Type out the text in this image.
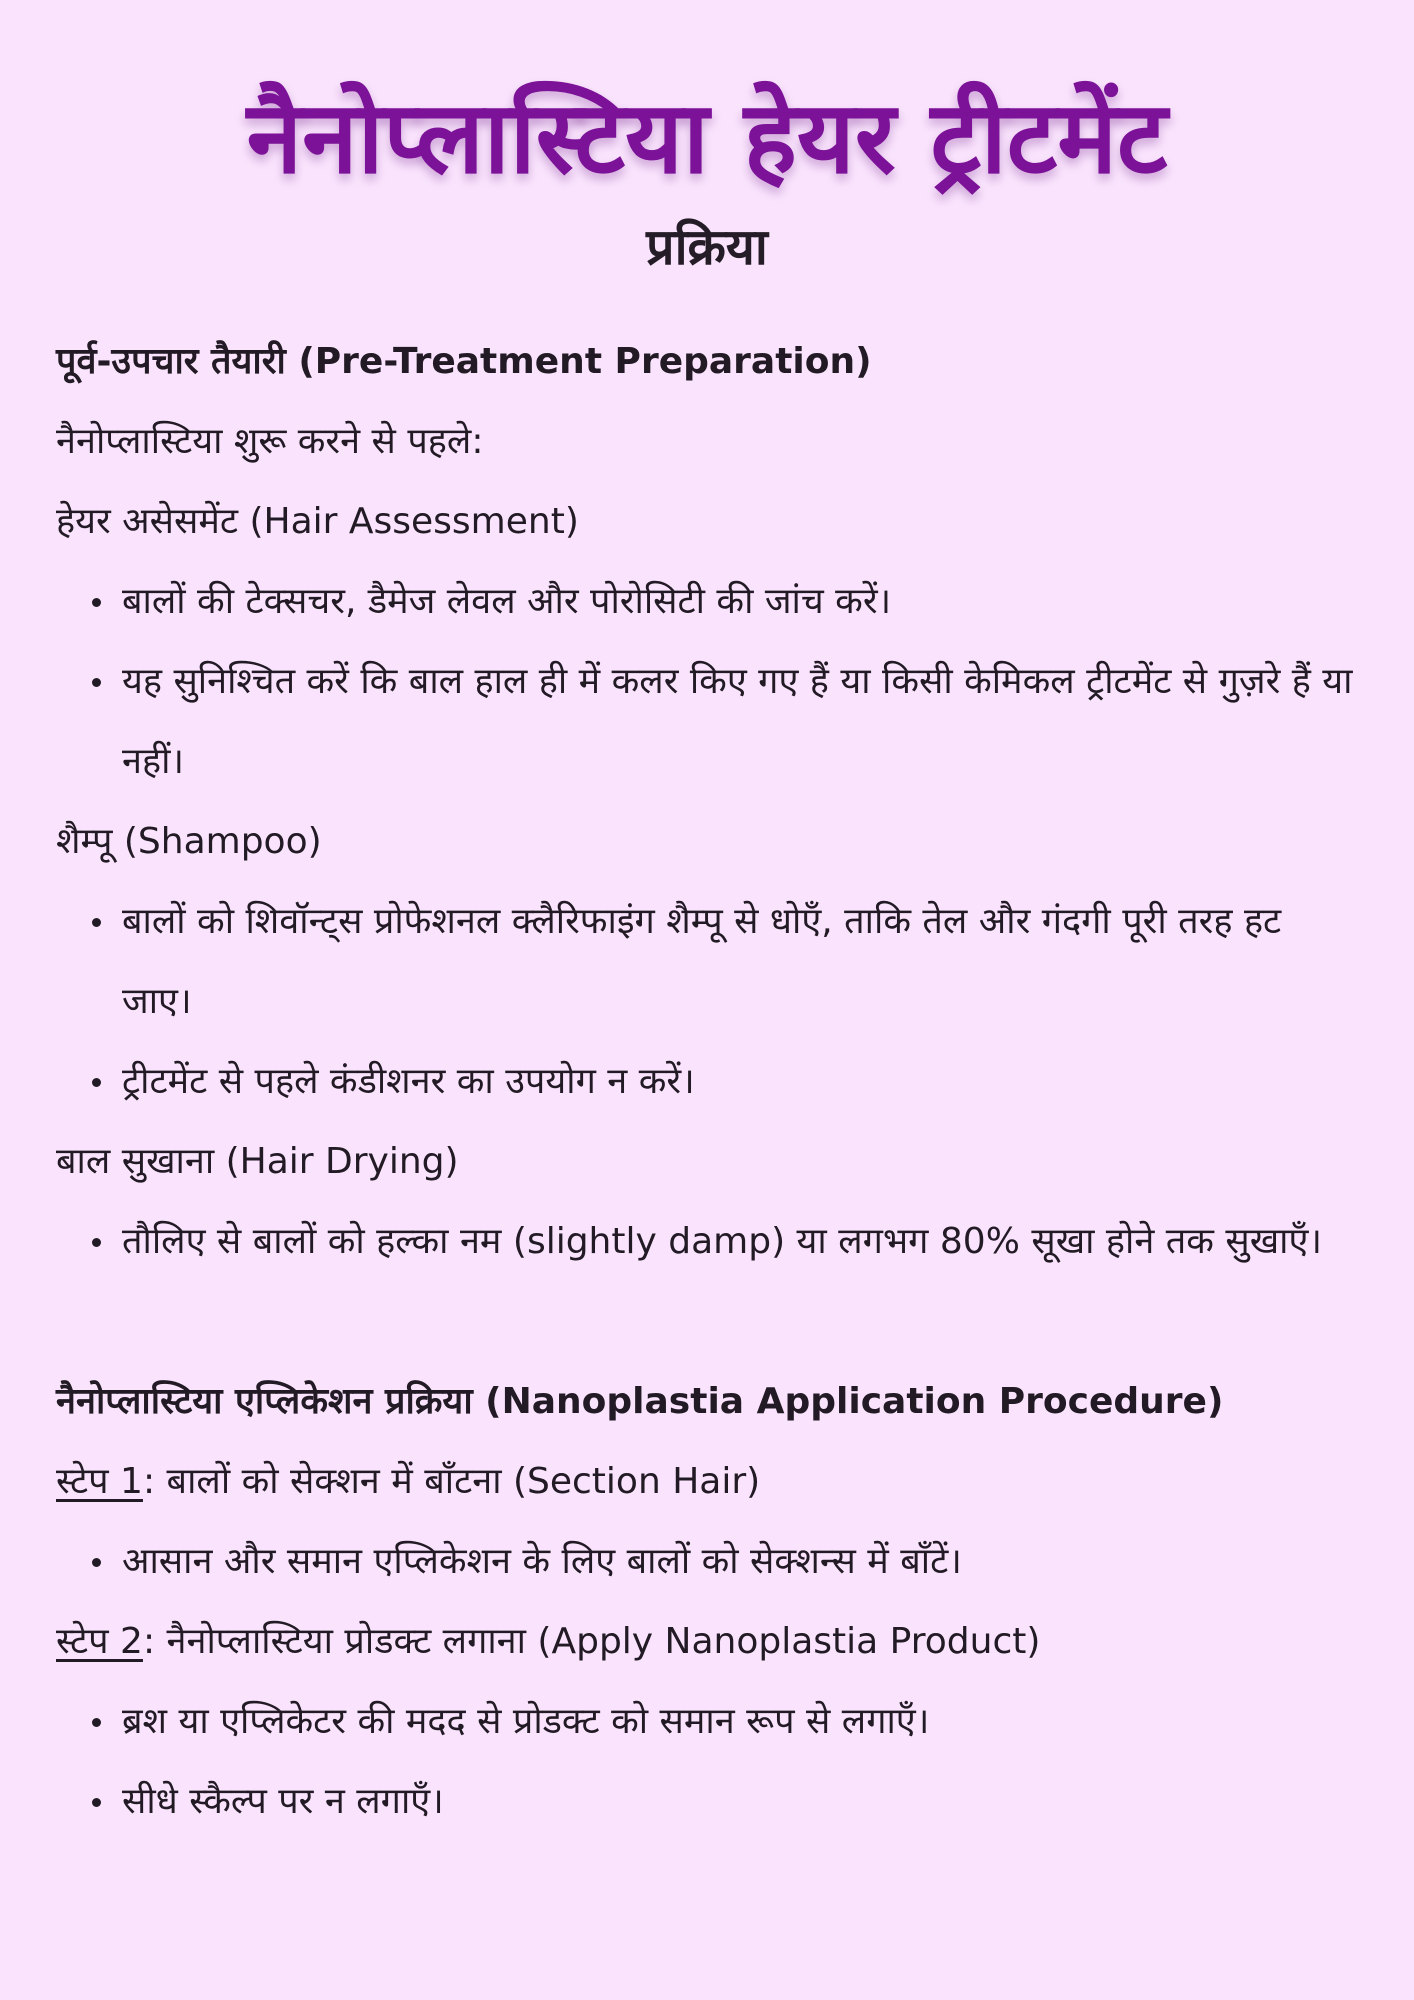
नैनोप्लास्टिया हेयर ट्रीटमेंट
प्रक्रिया

पूर्व-उपचार तैयारी (Pre-Treatment Preparation)

नैनोप्लास्टिया शुरू करने से पहले:

हेयर असेसमेंट (Hair Assessment)

बालों की टेक्सचर, डैमेज लेवल और पोरोसिटी की जांच करें।
यह सुनिश्चित करें कि बाल हाल ही में कलर किए गए हैं या किसी केमिकल ट्रीटमेंट से गुज़रे हैं या नहीं।

शैम्पू (Shampoo)

बालों को शिवॉन्ट्स प्रोफेशनल क्लैरिफाइंग शैम्पू से धोएँ, ताकि तेल और गंदगी पूरी तरह हट जाए।
ट्रीटमेंट से पहले कंडीशनर का उपयोग न करें।

बाल सुखाना (Hair Drying)

तौलिए से बालों को हल्का नम (slightly damp) या लगभग 80% सूखा होने तक सुखाएँ।

नैनोप्लास्टिया एप्लिकेशन प्रक्रिया (Nanoplastia Application Procedure)

स्टेप 1: बालों को सेक्शन में बाँटना (Section Hair)

आसान और समान एप्लिकेशन के लिए बालों को सेक्शन्स में बाँटें।

स्टेप 2: नैनोप्लास्टिया प्रोडक्ट लगाना (Apply Nanoplastia Product)

ब्रश या एप्लिकेटर की मदद से प्रोडक्ट को समान रूप से लगाएँ।
सीधे स्कैल्प पर न लगाएँ।
